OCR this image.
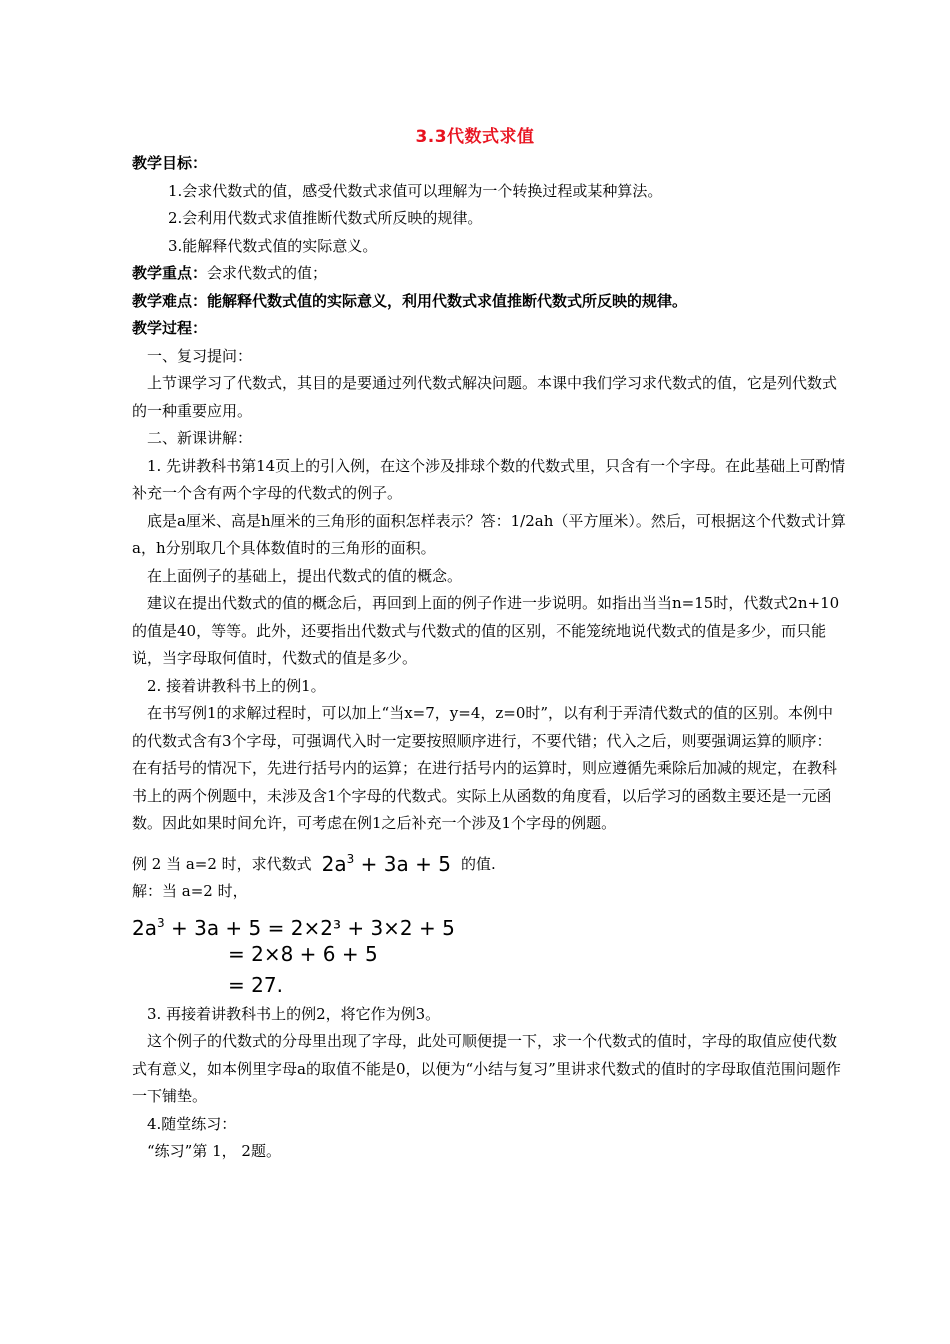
3.3代数式求值

教学目标：

1.会求代数式的值，感受代数式求值可以理解为一个转换过程或某种算法。

2.会利用代数式求值推断代数式所反映的规律。

3.能解释代数式值的实际意义。

教学重点：会求代数式的值；

教学难点：能解释代数式值的实际意义，利用代数式求值推断代数式所反映的规律。

教学过程：

一、复习提问：

上节课学习了代数式，其目的是要通过列代数式解决问题。本课中我们学习求代数式的值，它是列代数式的一种重要应用。

二、新课讲解：

1. 先讲教科书第14页上的引入例，在这个涉及排球个数的代数式里，只含有一个字母。在此基础上可酌情补充一个含有两个字母的代数式的例子。

底是a厘米、高是h厘米的三角形的面积怎样表示？答：1/2ah（平方厘米）。然后，可根据这个代数式计算a，h分别取几个具体数值时的三角形的面积。

在上面例子的基础上，提出代数式的值的概念。

建议在提出代数式的值的概念后，再回到上面的例子作进一步说明。如指出当当n=15时，代数式2n+10的值是40，等等。此外，还要指出代数式与代数式的值的区别，不能笼统地说代数式的值是多少，而只能说，当字母取何值时，代数式的值是多少。

2. 接着讲教科书上的例1。

在书写例1的求解过程时，可以加上“当x=7，y=4，z=0时”，以有利于弄清代数式的值的区别。本例中的代数式含有3个字母，可强调代入时一定要按照顺序进行，不要代错；代入之后，则要强调运算的顺序：在有括号的情况下，先进行括号内的运算；在进行括号内的运算时，则应遵循先乘除后加减的规定，在教科书上的两个例题中，未涉及含1个字母的代数式。实际上从函数的角度看，以后学习的函数主要还是一元函数。因此如果时间允许，可考虑在例1之后补充一个涉及1个字母的例题。

例 2 当 a=2 时，求代数式 $2a^3 + 3a + 5$ 的值.

解：当 a=2 时，

$2a^3 + 3a + 5 = 2\times 2^3 + 3\times 2 + 5$
= 2×8 + 6 + 5
= 27.

3. 再接着讲教科书上的例2，将它作为例3。

这个例子的代数式的分母里出现了字母，此处可顺便提一下，求一个代数式的值时，字母的取值应使代数式有意义，如本例里字母a的取值不能是0，以便为“小结与复习”里讲求代数式的值时的字母取值范围问题作一下铺垫。

4.随堂练习：

“练习”第 1， 2题。
